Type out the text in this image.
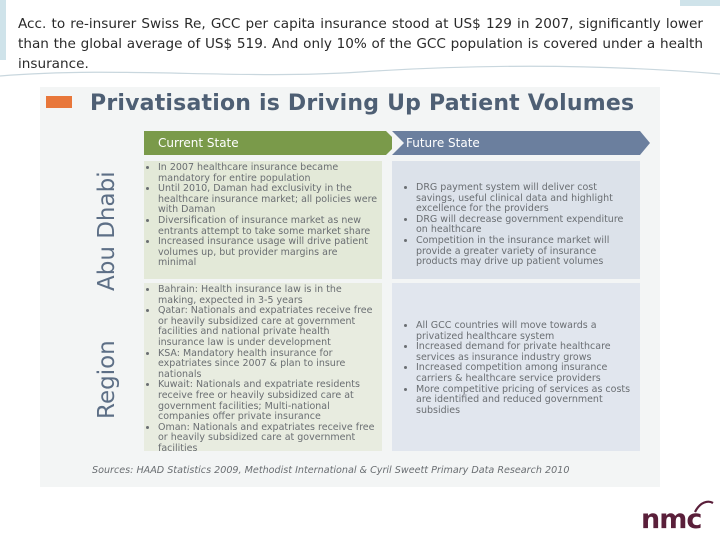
Acc. to re-insurer Swiss Re, GCC per capita insurance stood at US$ 129 in 2007, significantly lower than the global average of US$ 519. And only 10% of the GCC population is covered under a health insurance.
Privatisation is Driving Up Patient Volumes
Current State	Future State
Abu Dhabi
Region
• In 2007 healthcare insurance became mandatory for entire population
• Until 2010, Daman had exclusivity in the healthcare insurance market; all policies were with Daman
• Diversification of insurance market as new entrants attempt to take some market share
• Increased insurance usage will drive patient volumes up, but provider margins are minimal
• DRG payment system will deliver cost savings, useful clinical data and highlight excellence for the providers
• DRG will decrease government expenditure on healthcare
• Competition in the insurance market will provide a greater variety of insurance products may drive up patient volumes
• Bahrain: Health insurance law is in the making, expected in 3-5 years
• Qatar: Nationals and expatriates receive free or heavily subsidized care at government facilities and national private health insurance law is under development
• KSA: Mandatory health insurance for expatriates since 2007 & plan to insure nationals
• Kuwait: Nationals and expatriate residents receive free or heavily subsidized care at government facilities; Multi-national companies offer private insurance
• Oman: Nationals and expatriates receive free or heavily subsidized care at government facilities
• All GCC countries will move towards a privatized healthcare system
• Increased demand for private healthcare services as insurance industry grows
• Increased competition among insurance carriers & healthcare service providers
• More competitive pricing of services as costs are identified and reduced government subsidies
Sources: HAAD Statistics 2009, Methodist International & Cyril Sweett Primary Data Research 2010
nmc
